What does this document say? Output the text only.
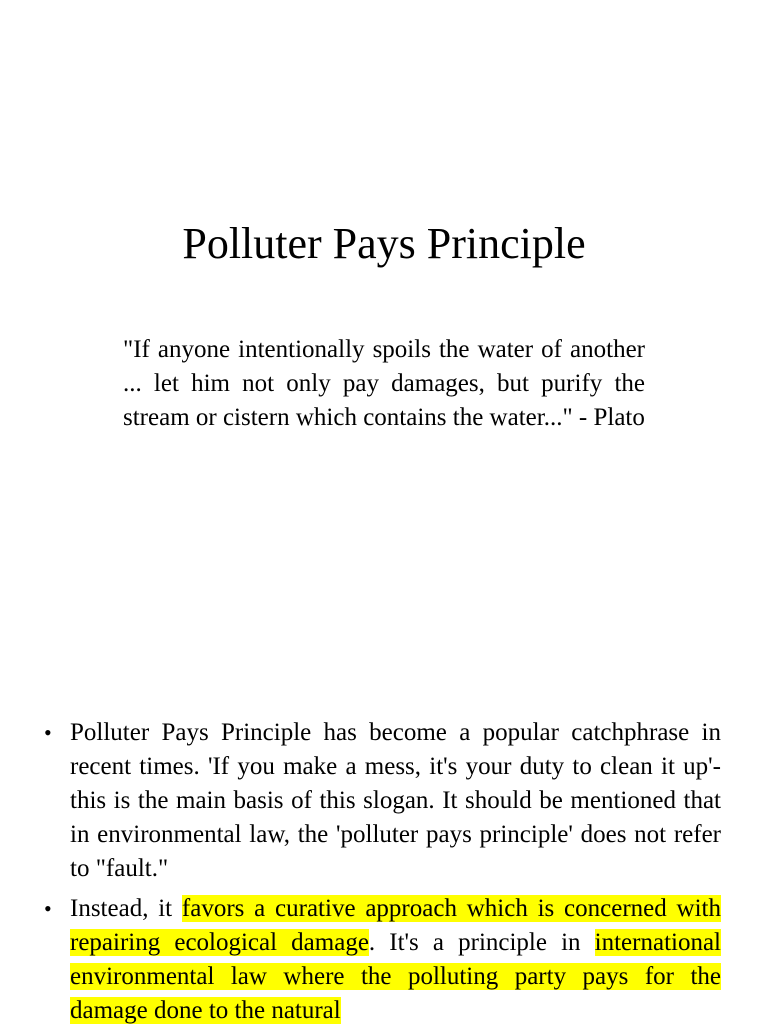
Polluter Pays Principle

"If anyone intentionally spoils the water of another ... let him not only pay damages, but purify the stream or cistern which contains the water..." - Plato

• Polluter Pays Principle has become a popular catchphrase in recent times. 'If you make a mess, it's your duty to clean it up'- this is the main basis of this slogan. It should be mentioned that in environmental law, the 'polluter pays principle' does not refer to "fault."
• Instead, it favors a curative approach which is concerned with repairing ecological damage. It's a principle in international environmental law where the polluting party pays for the damage done to the natural
